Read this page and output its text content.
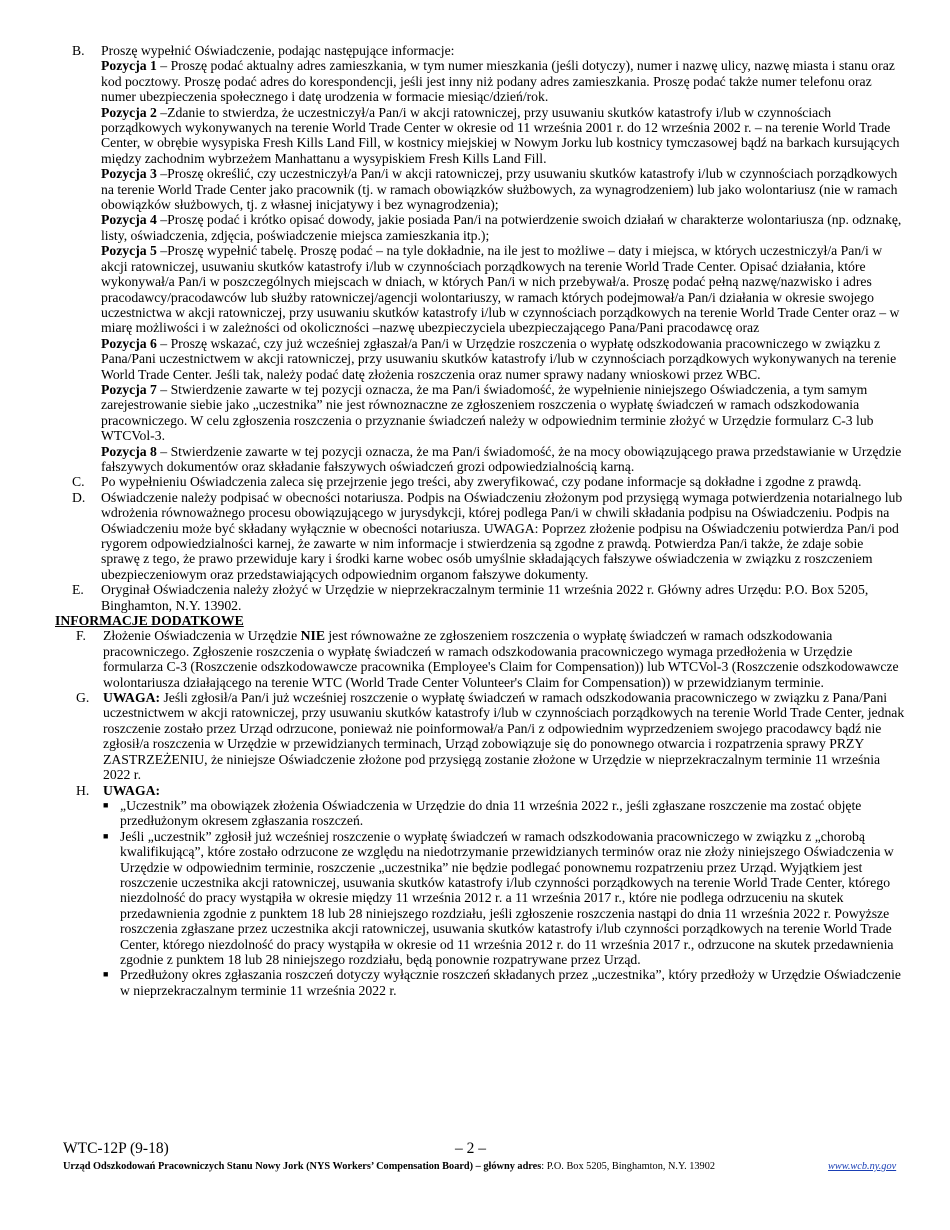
B.	Proszę wypełnić Oświadczenie, podając następujące informacje:

Pozycja 1 – Proszę podać aktualny adres zamieszkania, w tym numer mieszkania (jeśli dotyczy), numer i nazwę ulicy, nazwę miasta i stanu oraz kod pocztowy. Proszę podać adres do korespondencji, jeśli jest inny niż podany adres zamieszkania. Proszę podać także numer telefonu oraz numer ubezpieczenia społecznego i datę urodzenia w formacie miesiąc/dzień/rok.

Pozycja 2 –Zdanie to stwierdza, że uczestniczył/a Pan/i w akcji ratowniczej, przy usuwaniu skutków katastrofy i/lub w czynnościach porządkowych wykonywanych na terenie World Trade Center w okresie od 11 września 2001 r. do 12 września 2002 r. – na terenie World Trade Center, w obrębie wysypiska Fresh Kills Land Fill, w kostnicy miejskiej w Nowym Jorku lub kostnicy tymczasowej bądź na barkach kursujących między zachodnim wybrzeżem Manhattanu a wysypiskiem Fresh Kills Land Fill.

Pozycja 3 –Proszę określić, czy uczestniczył/a Pan/i w akcji ratowniczej, przy usuwaniu skutków katastrofy i/lub w czynnościach porządkowych na terenie World Trade Center jako pracownik (tj. w ramach obowiązków służbowych, za wynagrodzeniem) lub jako wolontariusz (nie w ramach obowiązków służbowych, tj. z własnej inicjatywy i bez wynagrodzenia);

Pozycja 4 –Proszę podać i krótko opisać dowody, jakie posiada Pan/i na potwierdzenie swoich działań w charakterze wolontariusza (np. odznakę, listy, oświadczenia, zdjęcia, poświadczenie miejsca zamieszkania itp.);

Pozycja 5 –Proszę wypełnić tabelę. Proszę podać – na tyle dokładnie, na ile jest to możliwe – daty i miejsca, w których uczestniczył/a Pan/i w akcji ratowniczej, usuwaniu skutków katastrofy i/lub w czynnościach porządkowych na terenie World Trade Center. Opisać działania, które wykonywał/a Pan/i w poszczególnych miejscach w dniach, w których Pan/i w nich przebywał/a. Proszę podać pełną nazwę/nazwisko i adres pracodawcy/pracodawców lub służby ratowniczej/agencji wolontariuszy, w ramach których podejmował/a Pan/i działania w okresie swojego uczestnictwa w akcji ratowniczej, przy usuwaniu skutków katastrofy i/lub w czynnościach porządkowych na terenie World Trade Center oraz – w miarę możliwości i w zależności od okoliczności –nazwę ubezpieczyciela ubezpieczającego Pana/Pani pracodawcę oraz

Pozycja 6 – Proszę wskazać, czy już wcześniej zgłaszał/a Pan/i w Urzędzie roszczenia o wypłatę odszkodowania pracowniczego w związku z Pana/Pani uczestnictwem w akcji ratowniczej, przy usuwaniu skutków katastrofy i/lub w czynnościach porządkowych wykonywanych na terenie World Trade Center. Jeśli tak, należy podać datę złożenia roszczenia oraz numer sprawy nadany wnioskowi przez WBC.

Pozycja 7 – Stwierdzenie zawarte w tej pozycji oznacza, że ma Pan/i świadomość, że wypełnienie niniejszego Oświadczenia, a tym samym zarejestrowanie siebie jako „uczestnika” nie jest równoznaczne ze zgłoszeniem roszczenia o wypłatę świadczeń w ramach odszkodowania pracowniczego. W celu zgłoszenia roszczenia o przyznanie świadczeń należy w odpowiednim terminie złożyć w Urzędzie formularz C-3 lub WTCVol-3.

Pozycja 8 – Stwierdzenie zawarte w tej pozycji oznacza, że ma Pan/i świadomość, że na mocy obowiązującego prawa przedstawianie w Urzędzie fałszywych dokumentów oraz składanie fałszywych oświadczeń grozi odpowiedzialnością karną.

C.	Po wypełnieniu Oświadczenia zaleca się przejrzenie jego treści, aby zweryfikować, czy podane informacje są dokładne i zgodne z prawdą.
D.	Oświadczenie należy podpisać w obecności notariusza. Podpis na Oświadczeniu złożonym pod przysięgą wymaga potwierdzenia notarialnego lub wdrożenia równoważnego procesu obowiązującego w jurysdykcji, której podlega Pan/i w chwili składania podpisu na Oświadczeniu. Podpis na Oświadczeniu może być składany wyłącznie w obecności notariusza. UWAGA: Poprzez złożenie podpisu na Oświadczeniu potwierdza Pan/i pod rygorem odpowiedzialności karnej, że zawarte w nim informacje i stwierdzenia są zgodne z prawdą. Potwierdza Pan/i także, że zdaje sobie sprawę z tego, że prawo przewiduje kary i środki karne wobec osób umyślnie składających fałszywe oświadczenia w związku z roszczeniem ubezpieczeniowym oraz przedstawiających odpowiednim organom fałszywe dokumenty.
E.	Oryginał Oświadczenia należy złożyć w Urzędzie w nieprzekraczalnym terminie 11 września 2022 r. Główny adres Urzędu: P.O. Box 5205, Binghamton, N.Y. 13902.

INFORMACJE DODATKOWE

F.	Złożenie Oświadczenia w Urzędzie NIE jest równoważne ze zgłoszeniem roszczenia o wypłatę świadczeń w ramach odszkodowania pracowniczego. Zgłoszenie roszczenia o wypłatę świadczeń w ramach odszkodowania pracowniczego wymaga przedłożenia w Urzędzie formularza C-3 (Roszczenie odszkodowawcze pracownika (Employee's Claim for Compensation)) lub WTCVol-3 (Roszczenie odszkodowawcze wolontariusza działającego na terenie WTC (World Trade Center Volunteer's Claim for Compensation)) w przewidzianym terminie.
G. UWAGA: Jeśli zgłosił/a Pan/i już wcześniej roszczenie o wypłatę świadczeń w ramach odszkodowania pracowniczego w związku z Pana/Pani uczestnictwem w akcji ratowniczej, przy usuwaniu skutków katastrofy i/lub w czynnościach porządkowych na terenie World Trade Center, jednak roszczenie zostało przez Urząd odrzucone, ponieważ nie poinformował/a Pan/i z odpowiednim wyprzedzeniem swojego pracodawcy bądź nie zgłosił/a roszczenia w Urzędzie w przewidzianych terminach, Urząd zobowiązuje się do ponownego otwarcia i rozpatrzenia sprawy PRZY ZASTRZEŻENIU, że niniejsze Oświadczenie złożone pod przysięgą zostanie złożone w Urzędzie w nieprzekraczalnym terminie 11 września 2022 r.
H. UWAGA:
■ „Uczestnik” ma obowiązek złożenia Oświadczenia w Urzędzie do dnia 11 września 2022 r., jeśli zgłaszane roszczenie ma zostać objęte przedłużonym okresem zgłaszania roszczeń.
■ Jeśli „uczestnik” zgłosił już wcześniej roszczenie o wypłatę świadczeń w ramach odszkodowania pracowniczego w związku z „chorobą kwalifikującą”, które zostało odrzucone ze względu na niedotrzymanie przewidzianych terminów oraz nie złoży niniejszego Oświadczenia w Urzędzie w odpowiednim terminie, roszczenie „uczestnika” nie będzie podlegać ponownemu rozpatrzeniu przez Urząd. Wyjątkiem jest roszczenie uczestnika akcji ratowniczej, usuwania skutków katastrofy i/lub czynności porządkowych na terenie World Trade Center, którego niezdolność do pracy wystąpiła w okresie między 11 września 2012 r. a 11 września 2017 r., które nie podlega odrzuceniu na skutek przedawnienia zgodnie z punktem 18 lub 28 niniejszego rozdziału, jeśli zgłoszenie roszczenia nastąpi do dnia 11 września 2022 r. Powyższe roszczenia zgłaszane przez uczestnika akcji ratowniczej, usuwania skutków katastrofy i/lub czynności porządkowych na terenie World Trade Center, którego niezdolność do pracy wystąpiła w okresie od 11 września 2012 r. do 11 września 2017 r., odrzucone na skutek przedawnienia zgodnie z punktem 18 lub 28 niniejszego rozdziału, będą ponownie rozpatrywane przez Urząd.
■ Przedłużony okres zgłaszania roszczeń dotyczy wyłącznie roszczeń składanych przez „uczestnika”, który przedłoży w Urzędzie Oświadczenie w nieprzekraczalnym terminie 11 września 2022 r.
WTC-12P (9-18)	– 2 –
Urząd Odszkodowań Pracowniczych Stanu Nowy Jork (NYS Workers’ Compensation Board) – główny adres: P.O. Box 5205, Binghamton, N.Y. 13902	www.wcb.ny.gov
